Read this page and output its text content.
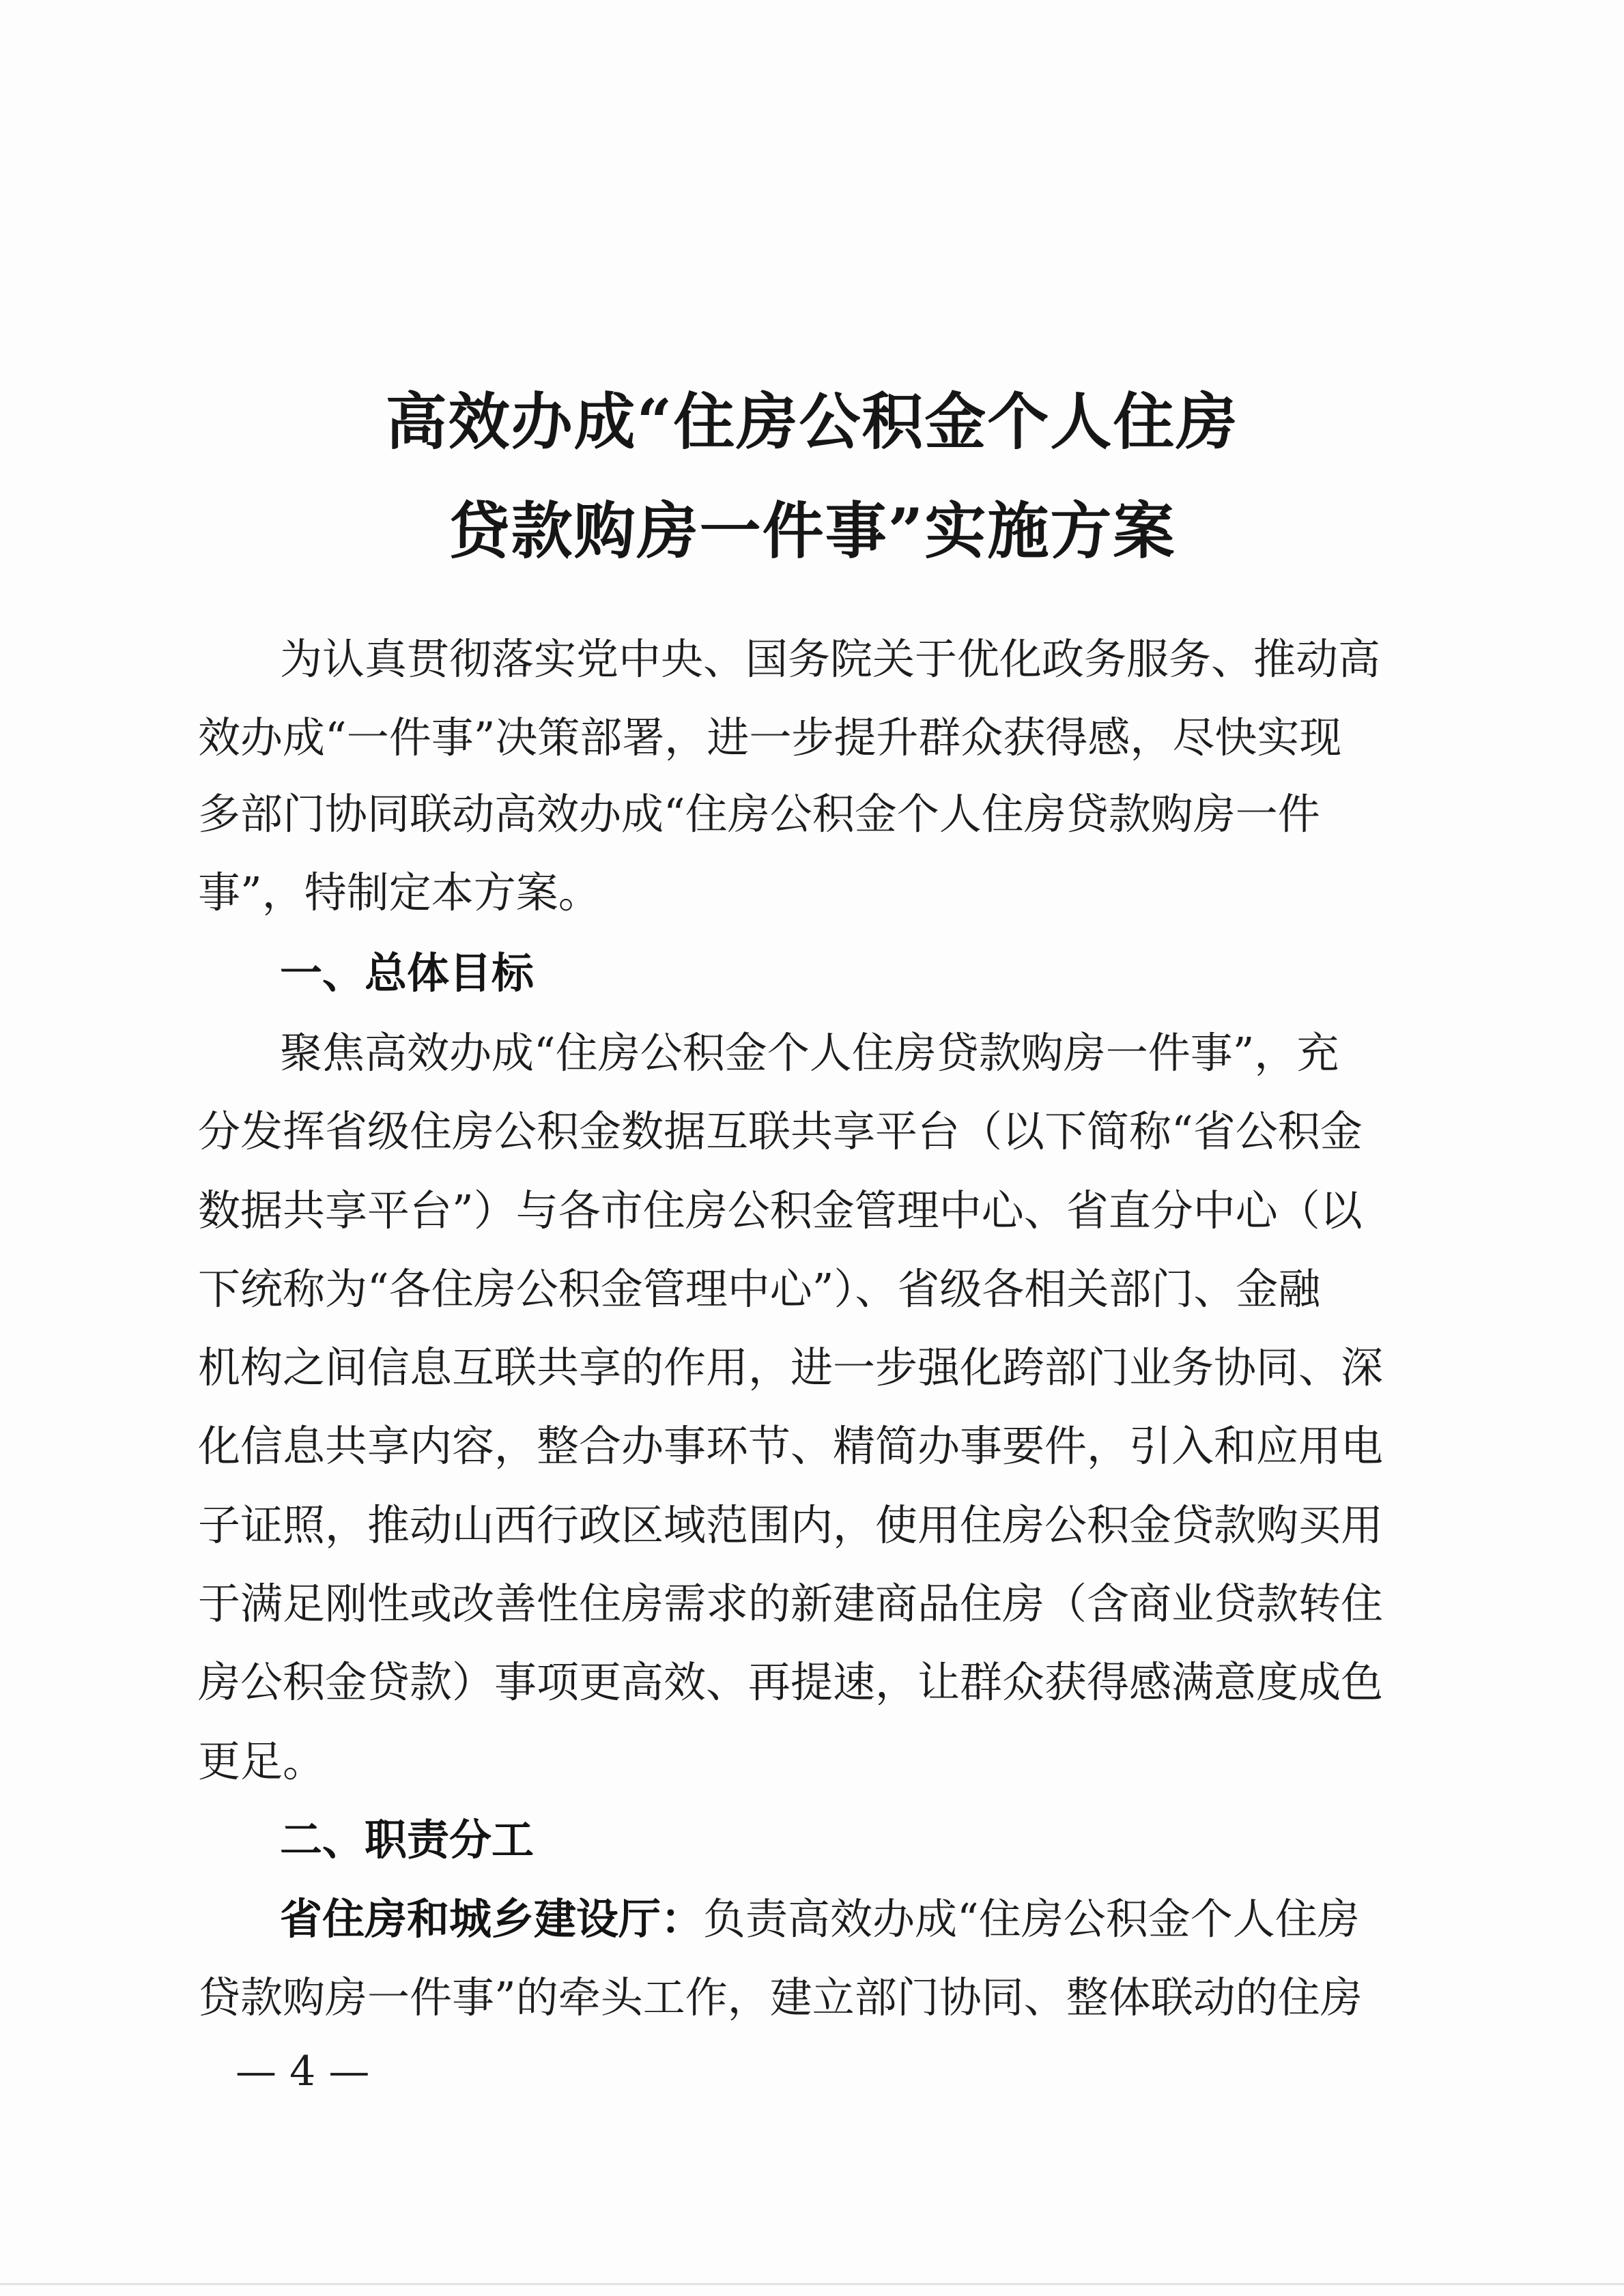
高效办成“住房公积金个人住房
贷款购房一件事”实施方案

为认真贯彻落实党中央、国务院关于优化政务服务、推动高

效办成“一件事”决策部署，进一步提升群众获得感，尽快实现

多部门协同联动高效办成“住房公积金个人住房贷款购房一件

事”，特制定本方案。

一、总体目标

聚焦高效办成“住房公积金个人住房贷款购房一件事”，充

分发挥省级住房公积金数据互联共享平台（以下简称“省公积金

数据共享平台”）与各市住房公积金管理中心、省直分中心（以

下统称为“各住房公积金管理中心”）、省级各相关部门、金融

机构之间信息互联共享的作用，进一步强化跨部门业务协同、深

化信息共享内容，整合办事环节、精简办事要件，引入和应用电

子证照，推动山西行政区域范围内，使用住房公积金贷款购买用

于满足刚性或改善性住房需求的新建商品住房（含商业贷款转住

房公积金贷款）事项更高效、再提速，让群众获得感满意度成色

更足。

二、职责分工

省住房和城乡建设厅：负责高效办成“住房公积金个人住房

贷款购房一件事”的牵头工作，建立部门协同、整体联动的住房

— 4 —
